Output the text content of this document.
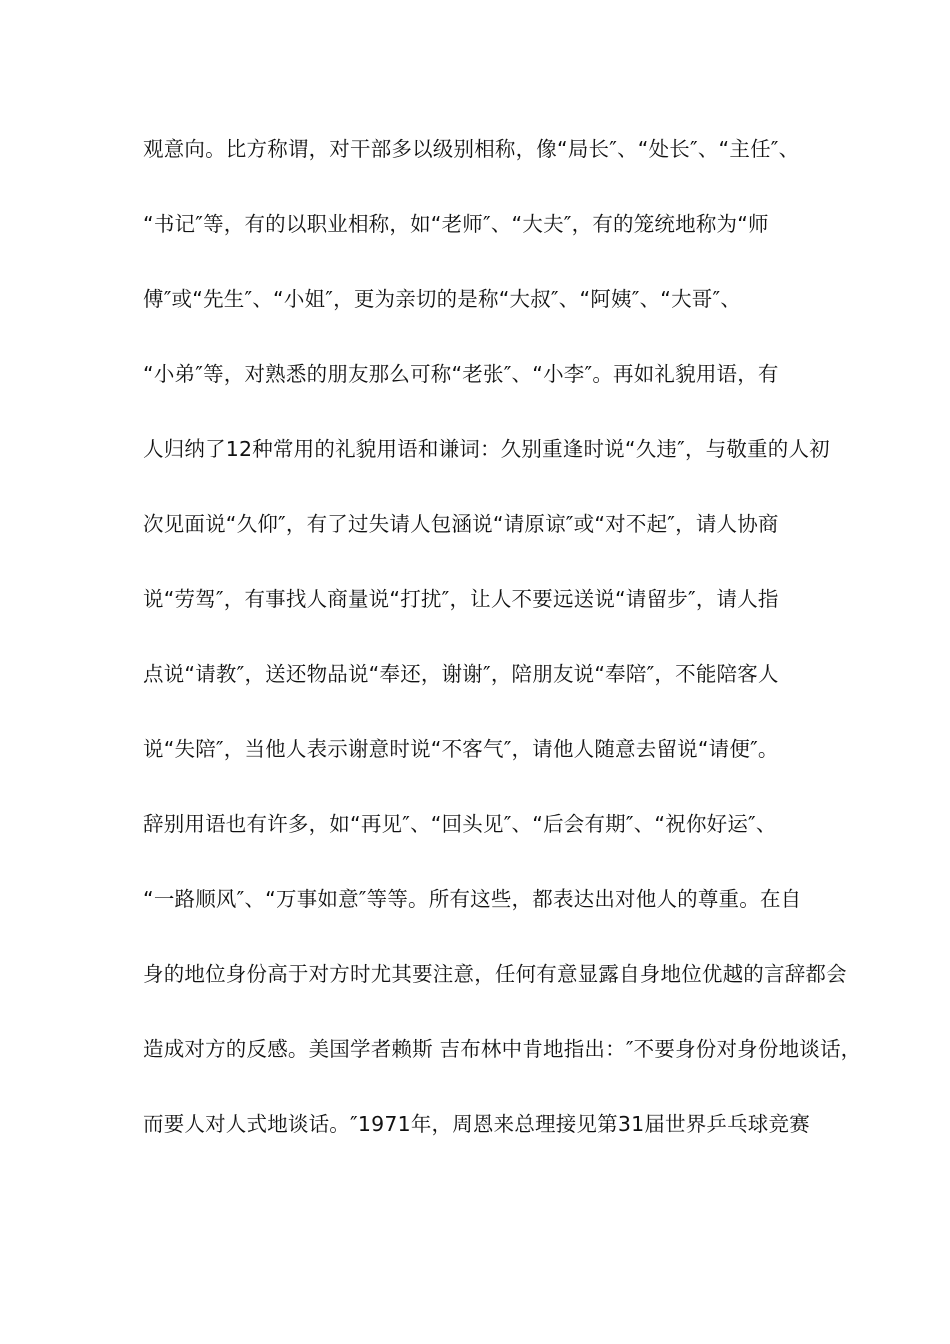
观意向。比方称谓，对干部多以级别相称，像“局长″、“处长″、“主任″、
“书记″等，有的以职业相称，如“老师″、“大夫″，有的笼统地称为“师
傅″或“先生″、“小姐″，更为亲切的是称“大叔″、“阿姨″、“大哥″、
“小弟″等，对熟悉的朋友那么可称“老张″、“小李″。再如礼貌用语，有
人归纳了12种常用的礼貌用语和谦词：久别重逢时说“久违″，与敬重的人初
次见面说“久仰″，有了过失请人包涵说“请原谅″或“对不起″，请人协商
说“劳驾″，有事找人商量说“打扰″，让人不要远送说“请留步″，请人指
点说“请教″，送还物品说“奉还，谢谢″，陪朋友说“奉陪″，不能陪客人
说“失陪″，当他人表示谢意时说“不客气″，请他人随意去留说“请便″。
辞别用语也有许多，如“再见″、“回头见″、“后会有期″、“祝你好运″、
“一路顺风″、“万事如意″等等。所有这些，都表达出对他人的尊重。在自
身的地位身份高于对方时尤其要注意，任何有意显露自身地位优越的言辞都会
造成对方的反感。美国学者赖斯 吉布林中肯地指出：″不要身份对身份地谈话，
而要人对人式地谈话。″1971年，周恩来总理接见第31届世界乒乓球竞赛
